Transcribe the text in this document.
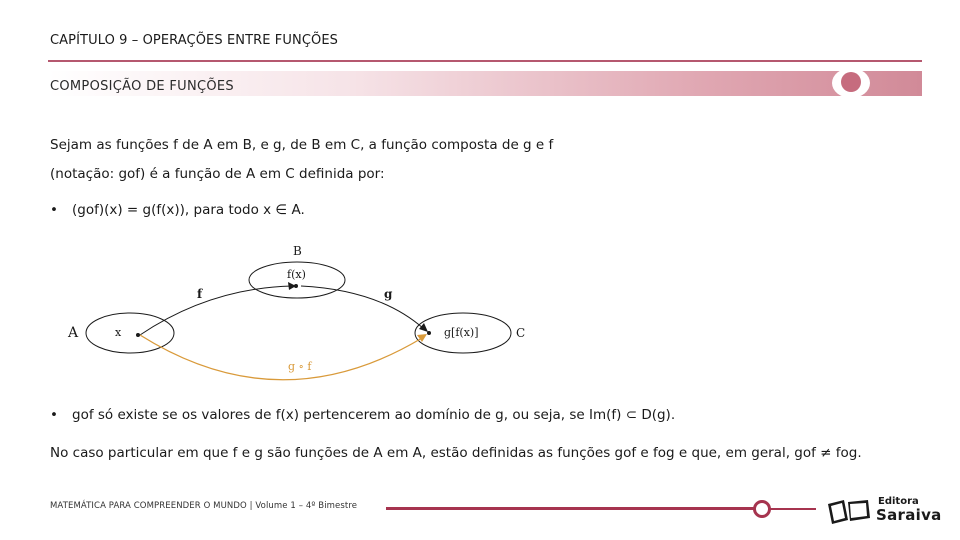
CAPÍTULO 9 – OPERAÇÕES ENTRE FUNÇÕES
COMPOSIÇÃO DE FUNÇÕES
Sejam as funções f de A em B, e g, de B em C, a função composta de g e f
(notação: gof) é a função de A em C definida por:
• (gof)(x) = g(f(x)), para todo x ∈ A.
B
A	C
x
f(x)
g[f(x)]
f	g
g ∘ f
• gof só existe se os valores de f(x) pertencerem ao domínio de g, ou seja, se Im(f) ⊂ D(g).
No caso particular em que f e g são funções de A em A, estão definidas as funções gof e fog e que, em geral, gof ≠ fog.
MATEMÁTICA PARA COMPREENDER O MUNDO | Volume 1 – 4º Bimestre	Editora
Saraiva
